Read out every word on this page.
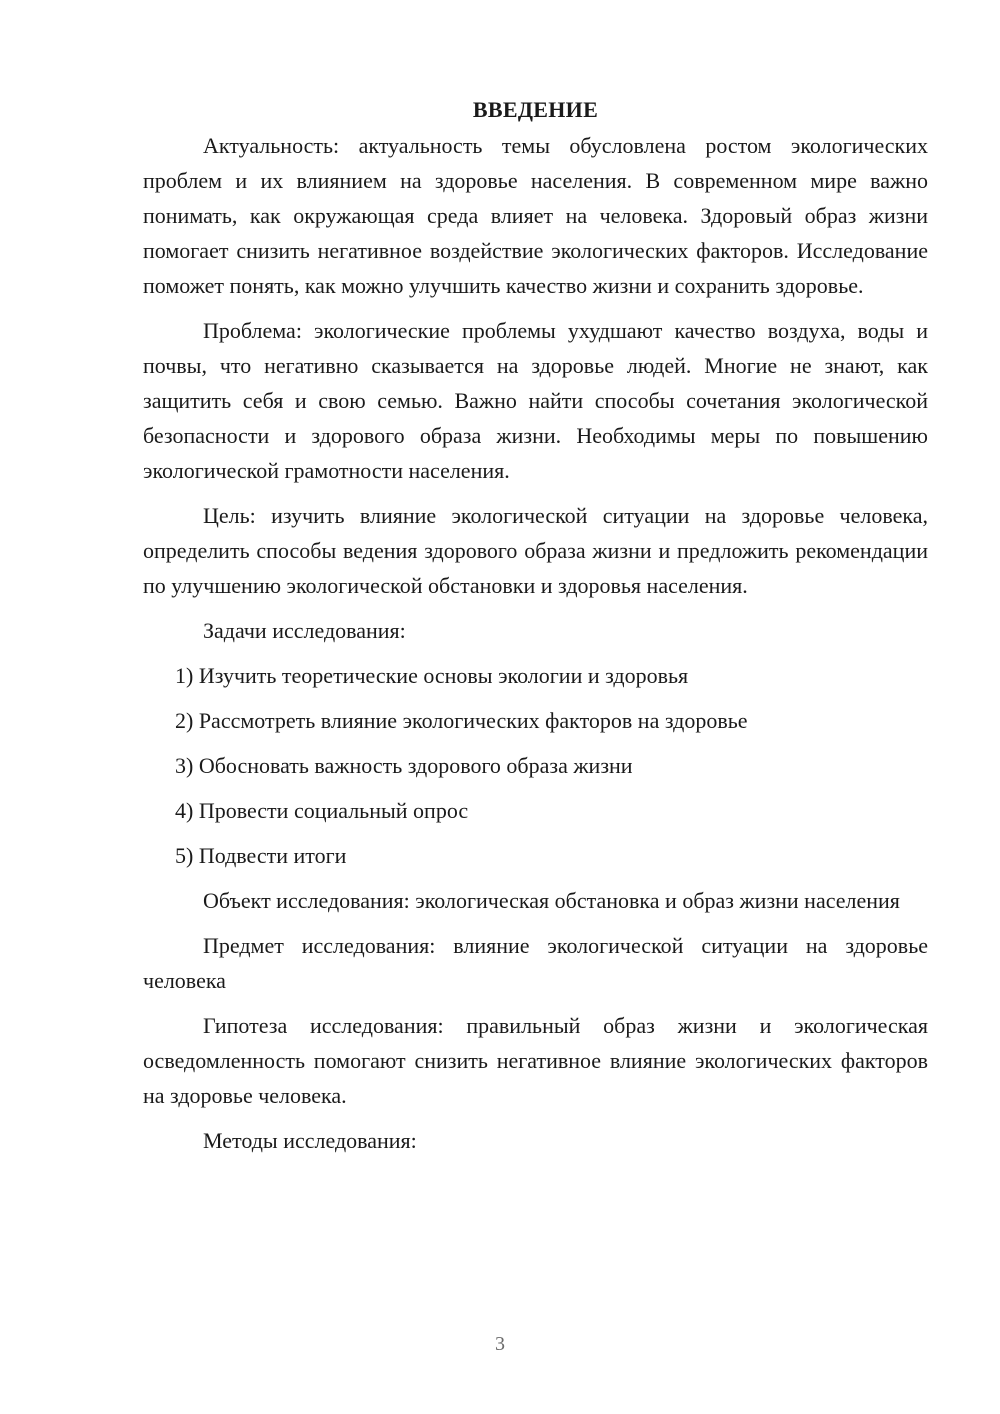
ВВЕДЕНИЕ

Актуальность: актуальность темы обусловлена ростом экологических проблем и их влиянием на здоровье населения. В современном мире важно понимать, как окружающая среда влияет на человека. Здоровый образ жизни помогает снизить негативное воздействие экологических факторов. Исследование поможет понять, как можно улучшить качество жизни и сохранить здоровье.

Проблема: экологические проблемы ухудшают качество воздуха, воды и почвы, что негативно сказывается на здоровье людей. Многие не знают, как защитить себя и свою семью. Важно найти способы сочетания экологической безопасности и здорового образа жизни. Необходимы меры по повышению экологической грамотности населения.

Цель: изучить влияние экологической ситуации на здоровье человека, определить способы ведения здорового образа жизни и предложить рекомендации по улучшению экологической обстановки и здоровья населения.

Задачи исследования:

1) Изучить теоретические основы экологии и здоровья
2) Рассмотреть влияние экологических факторов на здоровье
3) Обосновать важность здорового образа жизни
4) Провести социальный опрос
5) Подвести итоги

Объект исследования: экологическая обстановка и образ жизни населения

Предмет исследования: влияние экологической ситуации на здоровье человека

Гипотеза исследования: правильный образ жизни и экологическая осведомленность помогают снизить негативное влияние экологических факторов на здоровье человека.

Методы исследования:

3
